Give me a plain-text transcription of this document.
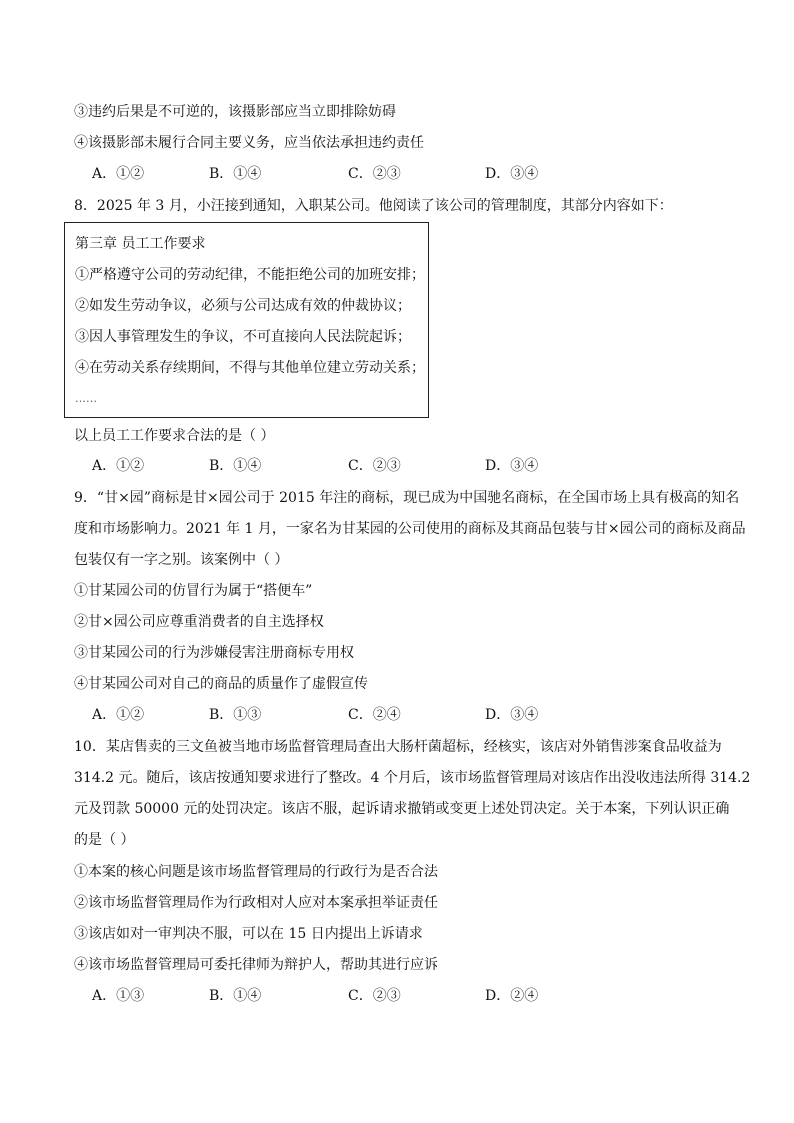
③违约后果是不可逆的，该摄影部应当立即排除妨碍
④该摄影部未履行合同主要义务，应当依法承担违约责任
A．①②	B．①④	C．②③	D．③④
8．2025 年 3 月，小汪接到通知，入职某公司。他阅读了该公司的管理制度，其部分内容如下：
第三章 员工工作要求
①严格遵守公司的劳动纪律，不能拒绝公司的加班安排；
②如发生劳动争议，必须与公司达成有效的仲裁协议；
③因人事管理发生的争议，不可直接向人民法院起诉；
④在劳动关系存续期间，不得与其他单位建立劳动关系；
……
以上员工工作要求合法的是（ ）
A．①②	B．①④	C．②③	D．③④
9．“甘×园”商标是甘×园公司于 2015 年注的商标，现已成为中国驰名商标，在全国市场上具有极高的知名
度和市场影响力。2021 年 1 月，一家名为甘某园的公司使用的商标及其商品包装与甘×园公司的商标及商品
包装仅有一字之别。该案例中（ ）
①甘某园公司的仿冒行为属于“搭便车”
②甘×园公司应尊重消费者的自主选择权
③甘某园公司的行为涉嫌侵害注册商标专用权
④甘某园公司对自己的商品的质量作了虚假宣传
A．①②	B．①③	C．②④	D．③④
10．某店售卖的三文鱼被当地市场监督管理局查出大肠杆菌超标，经核实，该店对外销售涉案食品收益为
314.2 元。随后，该店按通知要求进行了整改。4 个月后，该市场监督管理局对该店作出没收违法所得 314.2
元及罚款 50000 元的处罚决定。该店不服，起诉请求撤销或变更上述处罚决定。关于本案，下列认识正确
的是（ ）
①本案的核心问题是该市场监督管理局的行政行为是否合法
②该市场监督管理局作为行政相对人应对本案承担举证责任
③该店如对一审判决不服，可以在 15 日内提出上诉请求
④该市场监督管理局可委托律师为辩护人，帮助其进行应诉
A．①③	B．①④	C．②③	D．②④
